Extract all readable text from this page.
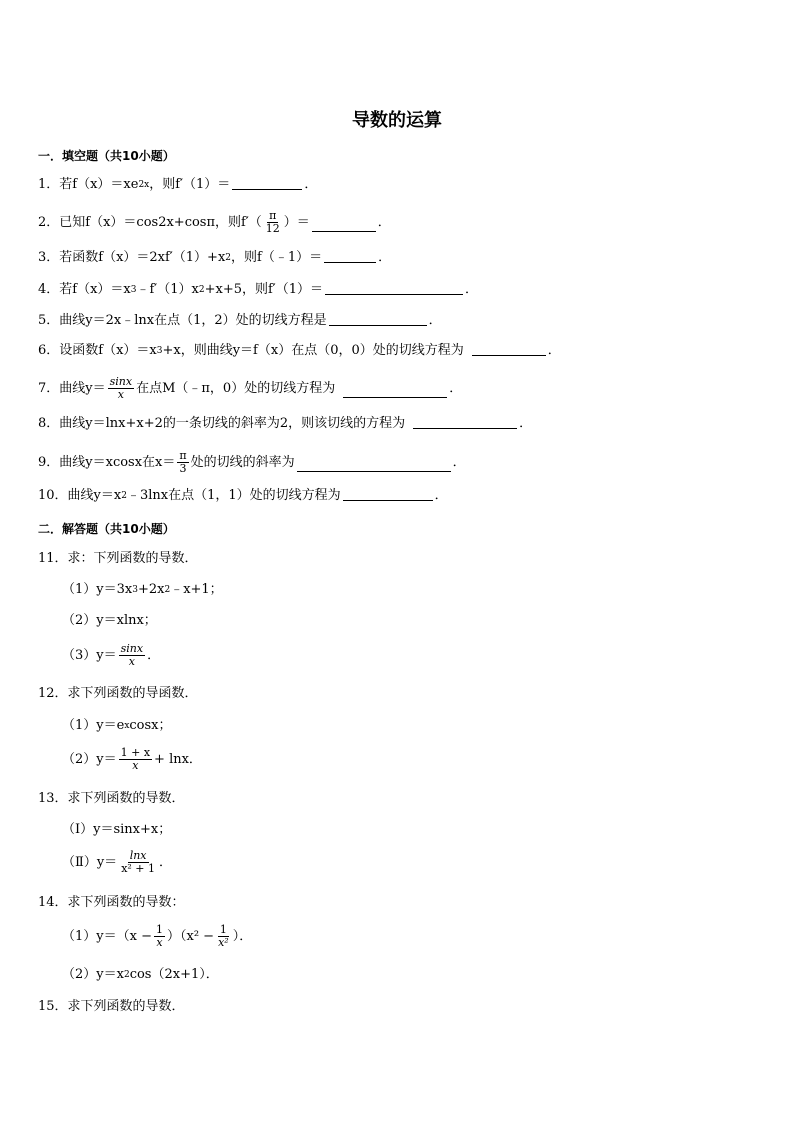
导数的运算
一．填空题（共10小题）
1．若 f（x）＝xe 2x ，则f′（1）＝	．
2．已知f（x）＝cos2x+cosπ，则$f'( \frac{\pi}{12}$ ）＝	．
3．若函数f（x）＝2xf′（1）+x 2 ，则f（﹣1）＝	．
4．若f（x）＝x 3 ﹣f′（1）x 2 +x+5，则f′（1）＝	．
5．曲线y＝2x﹣lnx在点（1，2）处的切线方程是	．
6．设函数f（x）＝x 3 +x，则曲线y＝f（x）在点（0，0）处的切线方程为	．
7．曲线$y= \frac{\sin x}{x}$ 在点M（﹣π，0）处的切线方程为	．
8．曲线y＝lnx+x+2的一条切线的斜率为2，则该切线的方程为	．
9．曲线y＝xcosx在$x= \frac{\pi}{3}$ 处的切线的斜率为	．
10．曲线y＝x 2 ﹣3lnx在点（1，1）处的切线方程为	．
二．解答题（共10小题）
11．求：下列函数的导数．
（1）y＝3x 3 +2x 2 ﹣x+1；
（2）y＝xlnx；
$(3)y= \frac{\sin x}{x}$ ．
12．求下列函数的导函数．
（1）y＝e x cosx；
$(2)y= \frac{1 + x}{x} + \ln x$．
13．求下列函数的导数．
（Ⅰ）y＝sinx+x；
（Ⅱ）y＝ $\frac{\ln x}{\text{x² + 1}}$ ．
14．求下列函数的导数：
$(1)y=(x - \frac{1}{x} )(x^2 - \frac{1}{\text{x²}}$ ）．
（2）y＝x 2 cos（2x+1）．
15．求下列函数的导数．
